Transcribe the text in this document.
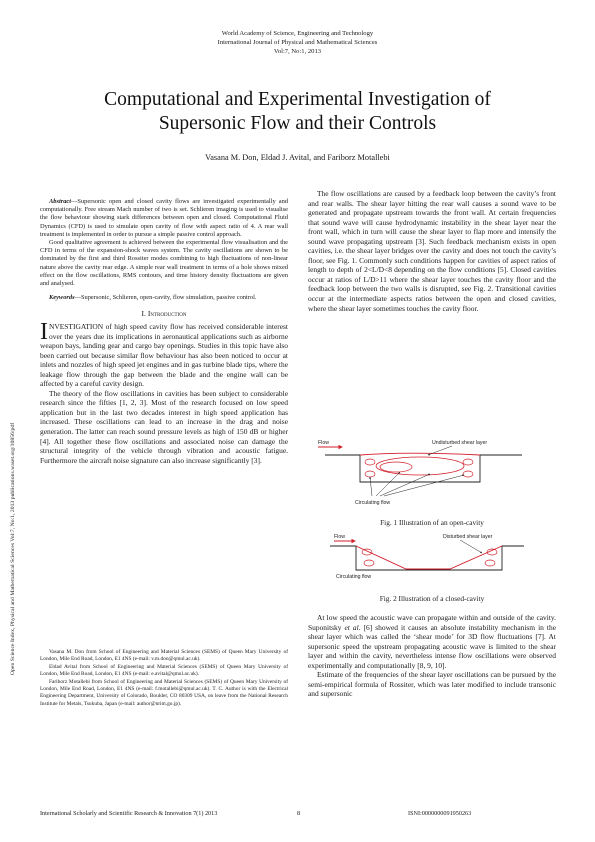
World Academy of Science, Engineering and Technology
International Journal of Physical and Mathematical Sciences
Vol:7, No:1, 2013
Open Science Index, Physical and Mathematical Sciences Vol:7, No:1, 2013 publications.waset.org/10856/pdf
Computational and Experimental Investigation of
Supersonic Flow and their Controls
Vasana M. Don, Eldad J. Avital, and Fariborz Motallebi

Abstract—Supersonic open and closed cavity flows are investigated experimentally and computationally. Free stream Mach number of two is set. Schlieren imaging is used to visualise the flow behaviour showing stark differences between open and closed. Computational Fluid Dynamics (CFD) is used to simulate open cavity of flow with aspect ratio of 4. A rear wall treatment is implemented in order to pursue a simple passive control approach.

Good qualitative agreement is achieved between the experimental flow visualisation and the CFD in terms of the expansion-shock waves system. The cavity oscillations are shown to be dominated by the first and third Rossiter modes combining to high fluctuations of non-linear nature above the cavity rear edge. A simple rear wall treatment in terms of a hole shows mixed effect on the flow oscillations, RMS contours, and time history density fluctuations are given and analysed.

Keywords—Supersonic, Schlieren, open-cavity, flow simulation, passive control.
I. Introduction

INVESTIGATION of high speed cavity flow has received considerable interest over the years due its implications in aeronautical applications such as airborne weapon bays, landing gear and cargo bay openings. Studies in this topic have also been carried out because similar flow behaviour has also been noticed to occur at inlets and nozzles of high speed jet engines and in gas turbine blade tips, where the leakage flow through the gap between the blade and the engine wall can be affected by a careful cavity design.

The theory of the flow oscillations in cavities has been subject to considerable research since the fifties [1, 2, 3]. Most of the research focused on low speed application but in the last two decades interest in high speed application has increased. These oscillations can lead to an increase in the drag and noise generation. The latter can reach sound pressure levels as high of 150 dB or higher [4]. All together these flow oscillations and associated noise can damage the structural integrity of the vehicle through vibration and acoustic fatigue. Furthermore the aircraft noise signature can also increase significantly [3].

Vasana M. Don from School of Engineering and Material Sciences (SEMS) of Queen Mary University of London, Mile End Road, London, E1 4NS (e-mail: v.m.don@qmul.ac.uk).

Eldad Avital from School of Engineering and Material Sciences (SEMS) of Queen Mary University of London, Mile End Road, London, E1 4NS (e-mail: e.avital@qmul.ac.uk).

Fariborz Motallebi from School of Engineering and Material Sciences (SEMS) of Queen Mary University of London, Mile End Road, London, E1 4NS (e-mail: f.motallebi@qmul.ac.uk). T. C. Author is with the Electrical Engineering Department, University of Colorado, Boulder, CO 80309 USA, on leave from the National Research Institute for Metals, Tsukuba, Japan (e-mail: author@nrim.go.jp).

The flow oscillations are caused by a feedback loop between the cavity’s front and rear walls. The shear layer hitting the rear wall causes a sound wave to be generated and propagate upstream towards the front wall. At certain frequencies that sound wave will cause hydrodynamic instability in the shear layer near the front wall, which in turn will cause the shear layer to flap more and intensify the sound wave propagating upstream [3]. Such feedback mechanism exists in open cavities, i.e. the shear layer bridges over the cavity and does not touch the cavity’s floor, see Fig. 1. Commonly such conditions happen for cavities of aspect ratios of length to depth of 2<L/D<8 depending on the flow conditions [5]. Closed cavities occur at ratios of L/D>11 where the shear layer touches the cavity floor and the feedback loop between the two walls is disrupted, see Fig. 2. Transitional cavities occur at the intermediate aspects ratios between the open and closed cavities, where the shear layer sometimes touches the cavity floor.

Flow	Undisturbed shear layer
Circulating flow
Fig. 1 Illustration of an open-cavity
Flow	Disturbed shear layer
Circulating flow
Fig. 2 Illustration of a closed-cavity

At low speed the acoustic wave can propagate within and outside of the cavity. Suponitsky et al. [6] showed it causes an absolute instability mechanism in the shear layer which was called the ‘shear mode’ for 3D flow fluctuations [7]. At supersonic speed the upstream propagating acoustic wave is limited to the shear layer and within the cavity, nevertheless intense flow oscillations were observed experimentally and computationally [8, 9, 10].

Estimate of the frequencies of the shear layer oscillations can be pursued by the semi-empirical formula of Rossiter, which was later modified to include transonic and supersonic

International Scholarly and Scientific Research & Innovation 7(1) 2013	8	ISNI:0000000091950263
